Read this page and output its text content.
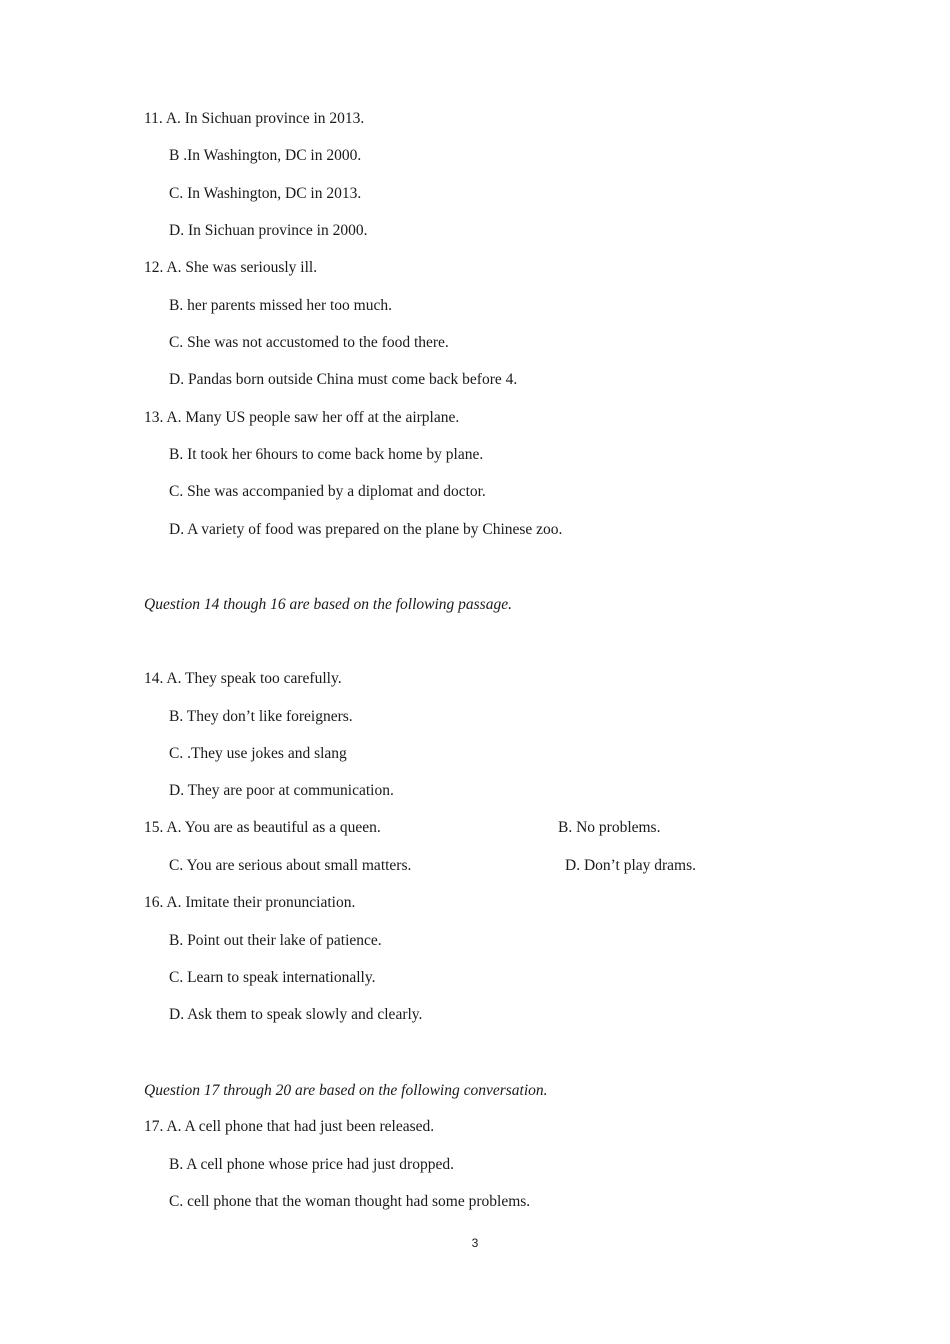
11. A. In Sichuan province in 2013.
B .In Washington, DC in 2000.
C. In Washington, DC in 2013.
D. In Sichuan province in 2000.
12. A. She was seriously ill.
B. her parents missed her too much.
C. She was not accustomed to the food there.
D. Pandas born outside China must come back before 4.
13. A. Many US people saw her off at the airplane.
B. It took her 6hours to come back home by plane.
C. She was accompanied by a diplomat and doctor.
D. A variety of food was prepared on the plane by Chinese zoo.
Question 14 though 16 are based on the following passage.
14. A. They speak too carefully.
B. They don’t like foreigners.
C. .They use jokes and slang
D. They are poor at communication.
15. A. You are as beautiful as a queen.	B. No problems.
C. You are serious about small matters.	D. Don’t play drams.
16. A. Imitate their pronunciation.
B. Point out their lake of patience.
C. Learn to speak internationally.
D. Ask them to speak slowly and clearly.
Question 17 through 20 are based on the following conversation.
17. A. A cell phone that had just been released.
B. A cell phone whose price had just dropped.
C. cell phone that the woman thought had some problems.
3
